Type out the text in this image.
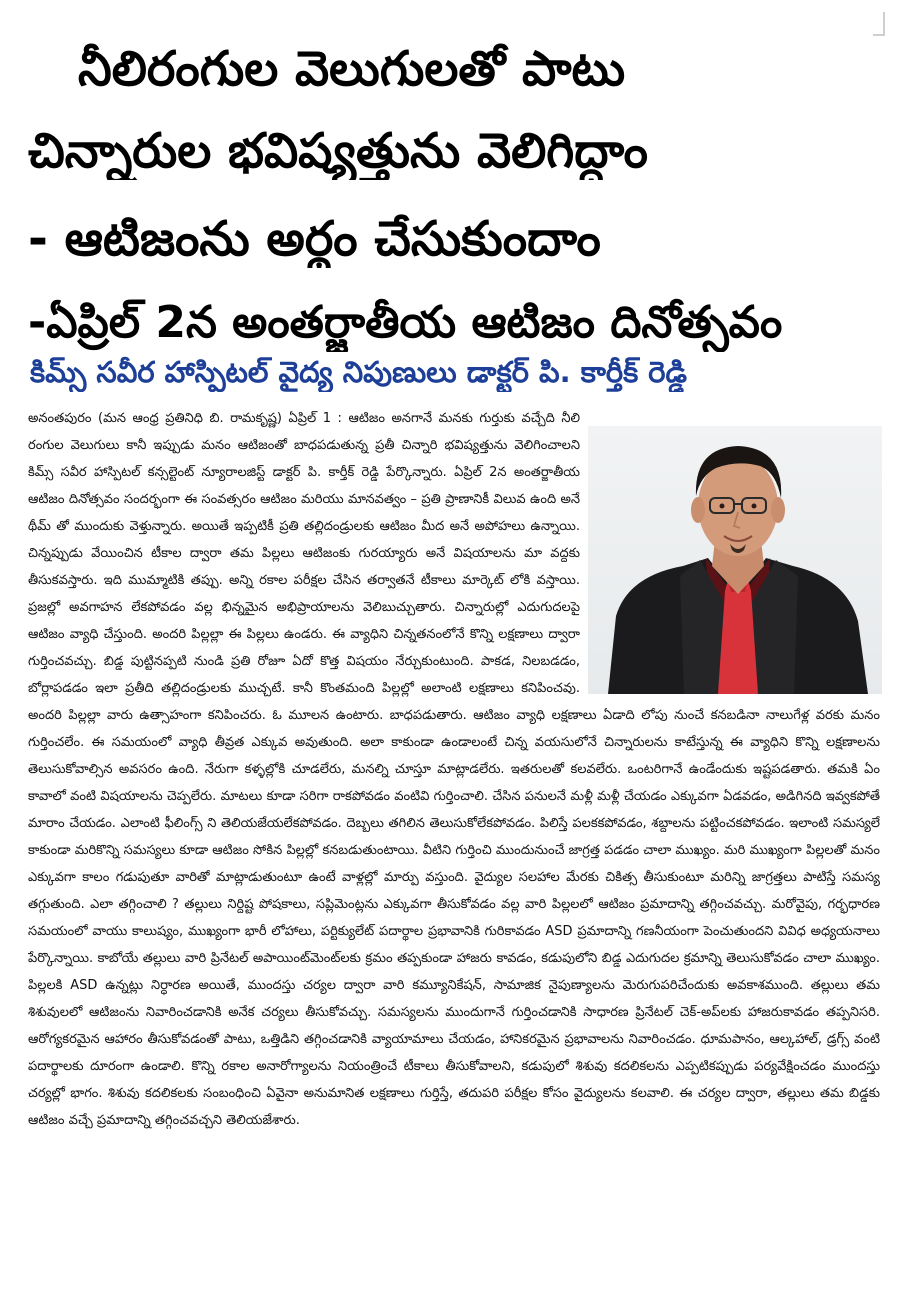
నీలిరంగుల వెలుగులతో పాటు
చిన్నారుల భవిష్యత్తును వెలిగిద్దాం
- ఆటిజంను అర్థం చేసుకుందాం
-ఏప్రిల్ 2న అంతర్జాతీయ ఆటిజం దినోత్సవం
కిమ్స్ సవీర హాస్పిటల్ వైద్య నిపుణులు డాక్టర్ పి. కార్తీక్ రెడ్డి

అనంతపురం (మన ఆంధ్ర ప్రతినిధి బి. రామకృష్ణ) ఏప్రిల్ 1 : ఆటిజం అనగానే మనకు గుర్తుకు వచ్చేది నీలి రంగుల వెలుగులు కానీ ఇప్పుడు మనం ఆటిజంతో బాధపడుతున్న ప్రతీ చిన్నారి భవిష్యత్తును వెలిగించాలని కిమ్స్ సవీర హాస్పిటల్ కన్సల్టెంట్ న్యూరాలజిస్ట్ డాక్టర్ పి. కార్తీక్ రెడ్డి పేర్కొన్నారు. ఏప్రిల్ 2న అంతర్జాతీయ ఆటిజం దినోత్సవం సందర్భంగా ఈ సంవత్సరం ఆటిజం మరియు మానవత్వం – ప్రతి ప్రాణానికీ విలువ ఉంది అనే థీమ్ తో ముందుకు వెళ్తున్నారు. అయితే ఇప్పటికీ ప్రతి తల్లిదండ్రులకు ఆటిజం మీద అనే అపోహలు ఉన్నాయి. చిన్నప్పుడు వేయించిన టీకాల ద్వారా తమ పిల్లలు ఆటిజంకు గురయ్యారు అనే విషయాలను మా వద్దకు తీసుకవస్తారు. ఇది ముమ్మాటికి తప్పు. అన్ని రకాల పరీక్షల చేసిన తర్వాతనే టీకాలు మార్కెట్ లోకి వస్తాయి. ప్రజల్లో అవగాహన లేకపోవడం వల్ల భిన్నమైన అభిప్రాయాలను వెలిబుచ్చుతారు. చిన్నారుల్లో ఎదుగుదలపై ఆటిజం వ్యాధి చేస్తుంది. అందరి పిల్లల్లా ఈ పిల్లలు ఉండరు. ఈ వ్యాధిని చిన్నతనంలోనే కొన్ని లక్షణాలు ద్వారా గుర్తించవచ్చు. బిడ్డ పుట్టినప్పటి నుండి ప్రతి రోజూ ఏదో కొత్త విషయం నేర్చుకుంటుంది. పాకడ, నిలబడడం, బోర్లాపడడం ఇలా ప్రతీది తల్లిదండ్రులకు ముచ్చటే. కానీ కొంతమంది పిల్లల్లో అలాంటి లక్షణాలు కనిపించవు. అందరి పిల్లల్లా వారు ఉత్సాహంగా కనిపించరు. ఓ మూలన ఉంటారు. బాధపడుతారు. ఆటిజం వ్యాధి లక్షణాలు ఏడాది లోపు నుంచే కనబడినా నాలుగేళ్ల వరకు మనం గుర్తించలేం. ఈ సమయంలో వ్యాధి తీవ్రత ఎక్కువ అవుతుంది. అలా కాకుండా ఉండాలంటే చిన్న వయసులోనే చిన్నారులను కాటేస్తున్న ఈ వ్యాధిని కొన్ని లక్షణాలను తెలుసుకోవాల్సిన అవసరం ఉంది. నేరుగా కళ్ళల్లోకి చూడలేరు, మనల్ని చూస్తూ మాట్లాడలేరు. ఇతరులతో కలవలేరు. ఒంటరిగానే ఉండేందుకు ఇష్టపడతారు. తమకి ఏం కావాలో వంటి విషయాలను చెప్పలేరు. మాటలు కూడా సరిగా రాకపోవడం వంటివి గుర్తించాలి. చేసిన పనులనే మళ్లీ మళ్లీ చేయడం ఎక్కువగా ఏడవడం, అడిగినది ఇవ్వకపోతే మారాం చేయడం. ఎలాంటి ఫీలింగ్స్ ని తెలియజేయలేకపోవడం. దెబ్బలు తగిలిన తెలుసుకోలేకపోవడం. పిలిస్తే పలకకపోవడం, శబ్దాలను పట్టించకపోవడం. ఇలాంటి సమస్యలే కాకుండా మరికొన్ని సమస్యలు కూడా ఆటిజం సోకిన పిల్లల్లో కనబడుతుంటాయి. వీటిని గుర్తించి ముందునుంచే జాగ్రత్త పడడం చాలా ముఖ్యం. మరి ముఖ్యంగా పిల్లలతో మనం ఎక్కువగా కాలం గడుపుతూ వారితో మాట్లాడుతుంటూ ఉంటే వాళ్లల్లో మార్పు వస్తుంది. వైద్యుల సలహాల మేరకు చికిత్స తీసుకుంటూ మరిన్ని జాగ్రత్తలు పాటిస్తే సమస్య తగ్గుతుంది. ఎలా తగ్గించాలి ? తల్లులు నిర్దిష్ట పోషకాలు, సప్లిమెంట్లను ఎక్కువగా తీసుకోవడం వల్ల వారి పిల్లలలో ఆటిజం ప్రమాదాన్ని తగ్గించవచ్చు. మరోవైపు, గర్భధారణ సమయంలో వాయు కాలుష్యం, ముఖ్యంగా భారీ లోహాలు, పర్టిక్యులేట్ పదార్థాల ప్రభావానికి గురికావడం ASD ప్రమాదాన్ని గణనీయంగా పెంచుతుందని వివిధ అధ్యయనాలు పేర్కొన్నాయి. కాబోయే తల్లులు వారి ప్రినేటల్ అపాయింట్‌మెంట్‌లకు క్రమం తప్పకుండా హాజరు కావడం, కడుపులోని బిడ్డ ఎదుగుదల క్రమాన్ని తెలుసుకోవడం చాలా ముఖ్యం. పిల్లలకి ASD ఉన్నట్లు నిర్ధారణ అయితే, ముందస్తు చర్యల ద్వారా వారి కమ్యూనికేషన్, సామాజిక నైపుణ్యాలను మెరుగుపరిచేందుకు అవకాశముంది. తల్లులు తమ శిశువులలో ఆటిజంను నివారించడానికి అనేక చర్యలు తీసుకోవచ్చు. సమస్యలను ముందుగానే గుర్తించడానికి సాధారణ ప్రినేటల్ చెక్-అప్‌లకు హాజరుకావడం తప్పనిసరి. ఆరోగ్యకరమైన ఆహారం తీసుకోవడంతో పాటు, ఒత్తిడిని తగ్గించడానికి వ్యాయామాలు చేయడం, హానికరమైన ప్రభావాలను నివారించడం. ధూమపానం, ఆల్కహాల్, డ్రగ్స్ వంటి పదార్థాలకు దూరంగా ఉండాలి. కొన్ని రకాల అనారోగ్యాలను నియంత్రించే టీకాలు తీసుకోవాలని, కడుపులో శిశువు కదలికలను ఎప్పటికప్పుడు పర్యవేక్షించడం ముందస్తు చర్యల్లో భాగం. శిశువు కదలికలకు సంబంధించి ఏవైనా అనుమానిత లక్షణాలు గుర్తిస్తే, తదుపరి పరీక్షల కోసం వైద్యులను కలవాలి. ఈ చర్యల ద్వారా, తల్లులు తమ బిడ్డకు ఆటిజం వచ్చే ప్రమాదాన్ని తగ్గించవచ్చని తెలియజేశారు.
